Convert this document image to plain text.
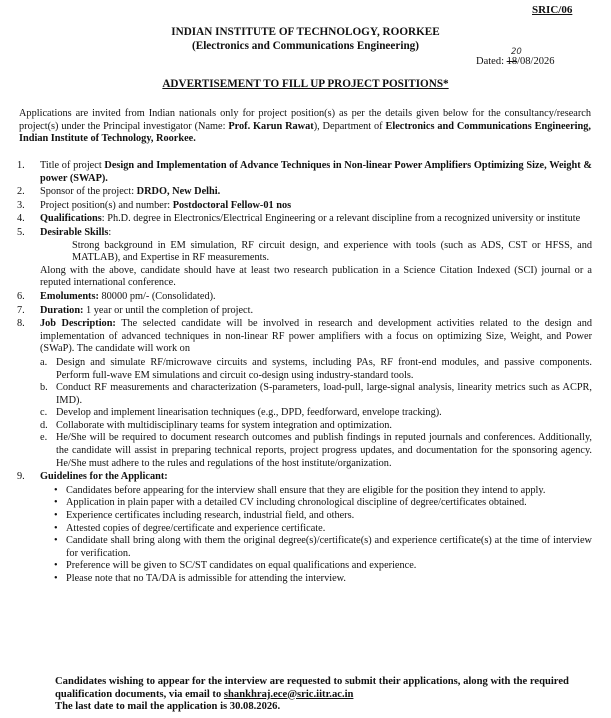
SRIC/06
INDIAN INSTITUTE OF TECHNOLOGY, ROORKEE
(Electronics and Communications Engineering)
Dated: 18/08/2026
20
ADVERTISEMENT TO FILL UP PROJECT POSITIONS*
Applications are invited from Indian nationals only for project position(s) as per the details given below for the consultancy/research project(s) under the Principal investigator (Name: Prof. Karun Rawat), Department of Electronics and Communications Engineering, Indian Institute of Technology, Roorkee.
1. Title of project Design and Implementation of Advance Techniques in Non-linear Power Amplifiers Optimizing Size, Weight & power (SWAP).
2. Sponsor of the project: DRDO, New Delhi.
3. Project position(s) and number: Postdoctoral Fellow-01 nos
4. Qualifications: Ph.D. degree in Electronics/Electrical Engineering or a relevant discipline from a recognized university or institute
5. Desirable Skills:
Strong background in EM simulation, RF circuit design, and experience with tools (such as ADS, CST or HFSS, and MATLAB), and Expertise in RF measurements.
Along with the above, candidate should have at least two research publication in a Science Citation Indexed (SCI) journal or a reputed international conference.
6. Emoluments: 80000 pm/- (Consolidated).
7. Duration: 1 year or until the completion of project.
8. Job Description: The selected candidate will be involved in research and development activities related to the design and implementation of advanced techniques in non-linear RF power amplifiers with a focus on optimizing Size, Weight, and Power (SWaP). The candidate will work on
a. Design and simulate RF/microwave circuits and systems, including PAs, RF front-end modules, and passive components. Perform full-wave EM simulations and circuit co-design using industry-standard tools.
b. Conduct RF measurements and characterization (S-parameters, load-pull, large-signal analysis, linearity metrics such as ACPR, IMD).
c. Develop and implement linearisation techniques (e.g., DPD, feedforward, envelope tracking).
d. Collaborate with multidisciplinary teams for system integration and optimization.
e. He/She will be required to document research outcomes and publish findings in reputed journals and conferences. Additionally, the candidate will assist in preparing technical reports, project progress updates, and documentation for the sponsoring agency. He/She must adhere to the rules and regulations of the host institute/organization.
9. Guidelines for the Applicant:
• Candidates before appearing for the interview shall ensure that they are eligible for the position they intend to apply.
• Application in plain paper with a detailed CV including chronological discipline of degree/certificates obtained.
• Experience certificates including research, industrial field, and others.
• Attested copies of degree/certificate and experience certificate.
• Candidate shall bring along with them the original degree(s)/certificate(s) and experience certificate(s) at the time of interview for verification.
• Preference will be given to SC/ST candidates on equal qualifications and experience.
• Please note that no TA/DA is admissible for attending the interview.
Candidates wishing to appear for the interview are requested to submit their applications, along with the required qualification documents, via email to shankhraj.ece@sric.iitr.ac.in
The last date to mail the application is 30.08.2026.
